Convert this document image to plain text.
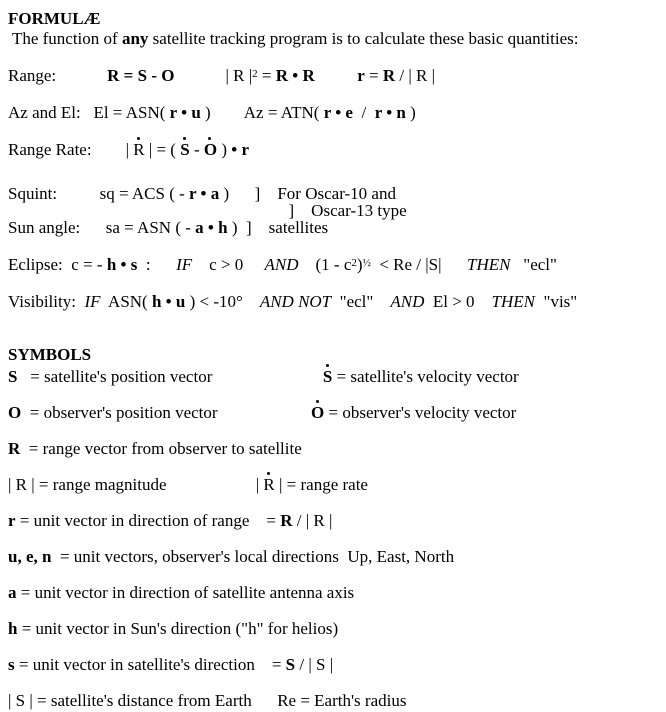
FORMULÆ
The function of any satellite tracking program is to calculate these basic quantities:
Range:	R = S - O	| R $|^2 = R$ • R	r = R / | R |
Az and El: El = ASN( r • u ) Az = ATN( r • e  /  r • n )
Range Rate: | R | = ( S - O ) • r
Squint:	sq = ACS ( - r • a ) ] For Oscar-10 and
] Oscar-13 type
Sun angle: sa = ASN ( - a • h ) ] satellites
Eclipse:  c = - h • s  :      IF    c > 0     AND    $(1 - c^2)^{\frac{1}{2}} < Re / |S|$      THEN   "ecl"
Visibility:  IF  ASN( h • u ) < -10°    AND NOT  "ecl"    AND  El > 0    THEN  "vis"
SYMBOLS
S   = satellite's position vector	S = satellite's velocity vector
O  = observer's position vector	O = observer's velocity vector
R  = range vector from observer to satellite
| R | = range magnitude	| R | = range rate
r = unit vector in direction of range = R / | R |
u, e, n  = unit vectors, observer's local directions  Up, East, North
a = unit vector in direction of satellite antenna axis
h = unit vector in Sun's direction ("h" for helios)
s = unit vector in satellite's direction = S / | S |
| S | = satellite's distance from Earth Re = Earth's radius
